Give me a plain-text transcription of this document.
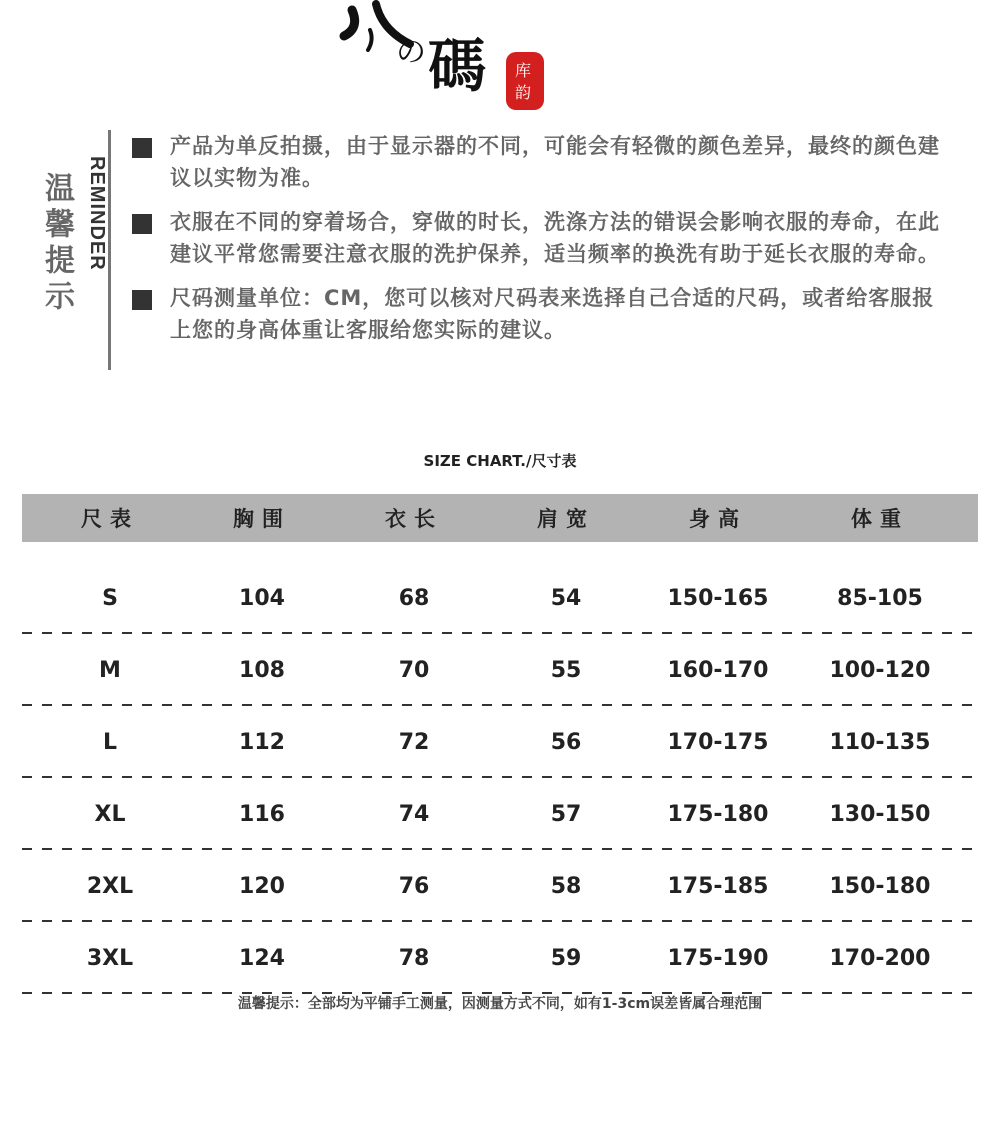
の 碼 库
韵
温馨提示 REMINDER
产品为单反拍摄，由于显示器的不同，可能会有轻微的颜色差异，最终的颜色建议以实物为准。
衣服在不同的穿着场合，穿做的时长，洗涤方法的错误会影响衣服的寿命，在此建议平常您需要注意衣服的洗护保养，适当频率的换洗有助于延长衣服的寿命。
尺码测量单位：CM，您可以核对尺码表来选择自己合适的尺码，或者给客服报上您的身高体重让客服给您实际的建议。
SIZE CHART./尺寸表
尺表	胸围	衣长	肩宽	身高	体重
S	104	68	54	150-165	85-105
M	108	70	55	160-170	100-120
L	112	72	56	170-175	110-135
XL	116	74	57	175-180	130-150
2XL	120	76	58	175-185	150-180
3XL	124	78	59	175-190	170-200
温馨提示：全部均为平铺手工测量，因测量方式不同，如有1-3cm误差皆属合理范围
